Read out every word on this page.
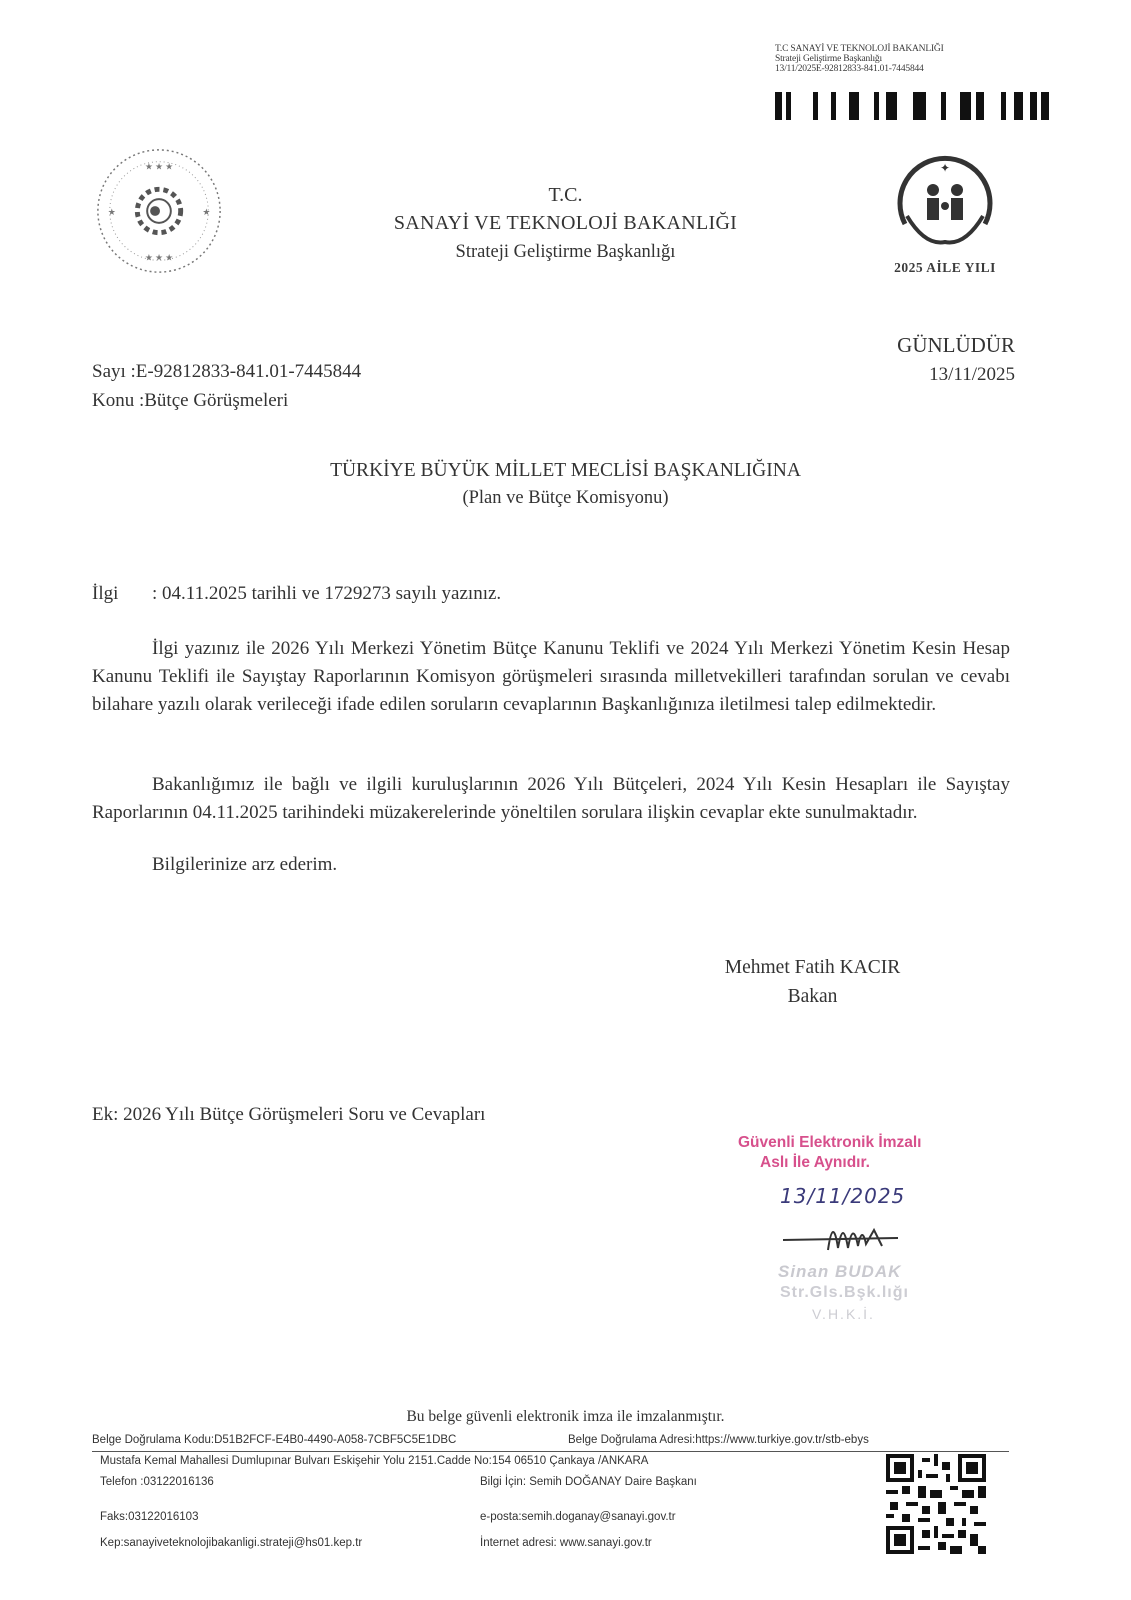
T.C SANAYİ VE TEKNOLOJİ BAKANLIĞI
Strateji Geliştirme Başkanlığı
13/11/2025E-92812833-841.01-7445844
★ ★ ★
★ ★ ★
★	★
✦
2025 AİLE YILI
T.C.
SANAYİ VE TEKNOLOJİ BAKANLIĞI
Strateji Geliştirme Başkanlığı
GÜNLÜDÜR
13/11/2025
Sayı :E-92812833-841.01-7445844
Konu :Bütçe Görüşmeleri
TÜRKİYE BÜYÜK MİLLET MECLİSİ BAŞKANLIĞINA
(Plan ve Bütçe Komisyonu)
İlgi : 04.11.2025 tarihli ve 1729273 sayılı yazınız.
İlgi yazınız ile 2026 Yılı Merkezi Yönetim Bütçe Kanunu Teklifi ve 2024 Yılı Merkezi Yönetim Kesin Hesap Kanunu Teklifi ile Sayıştay Raporlarının Komisyon görüşmeleri sırasında milletvekilleri tarafından sorulan ve cevabı bilahare yazılı olarak verileceği ifade edilen soruların cevaplarının Başkanlığınıza iletilmesi talep edilmektedir.
Bakanlığımız ile bağlı ve ilgili kuruluşlarının 2026 Yılı Bütçeleri, 2024 Yılı Kesin Hesapları ile Sayıştay Raporlarının 04.11.2025 tarihindeki müzakerelerinde yöneltilen sorulara ilişkin cevaplar ekte sunulmaktadır.
Bilgilerinize arz ederim.
Mehmet Fatih KACIR
Bakan
Ek: 2026 Yılı Bütçe Görüşmeleri Soru ve Cevapları
Güvenli Elektronik İmzalı
Aslı İle Aynıdır.
13/11/2025
Sinan BUDAK
Str.Gls.Bşk.lığı
V.H.K.İ.
Bu belge güvenli elektronik imza ile imzalanmıştır.
Belge Doğrulama Kodu:D51B2FCF-E4B0-4490-A058-7CBF5C5E1DBC	Belge Doğrulama Adresi:https://www.turkiye.gov.tr/stb-ebys
Mustafa Kemal Mahallesi Dumlupınar Bulvarı Eskişehir Yolu 2151.Cadde No:154 06510 Çankaya /ANKARA
Telefon :03122016136	Bilgi İçin: Semih DOĞANAY Daire Başkanı
Faks:03122016103	e-posta:semih.doganay@sanayi.gov.tr
Kep:sanayiveteknolojibakanligi.strateji@hs01.kep.tr	İnternet adresi: www.sanayi.gov.tr
